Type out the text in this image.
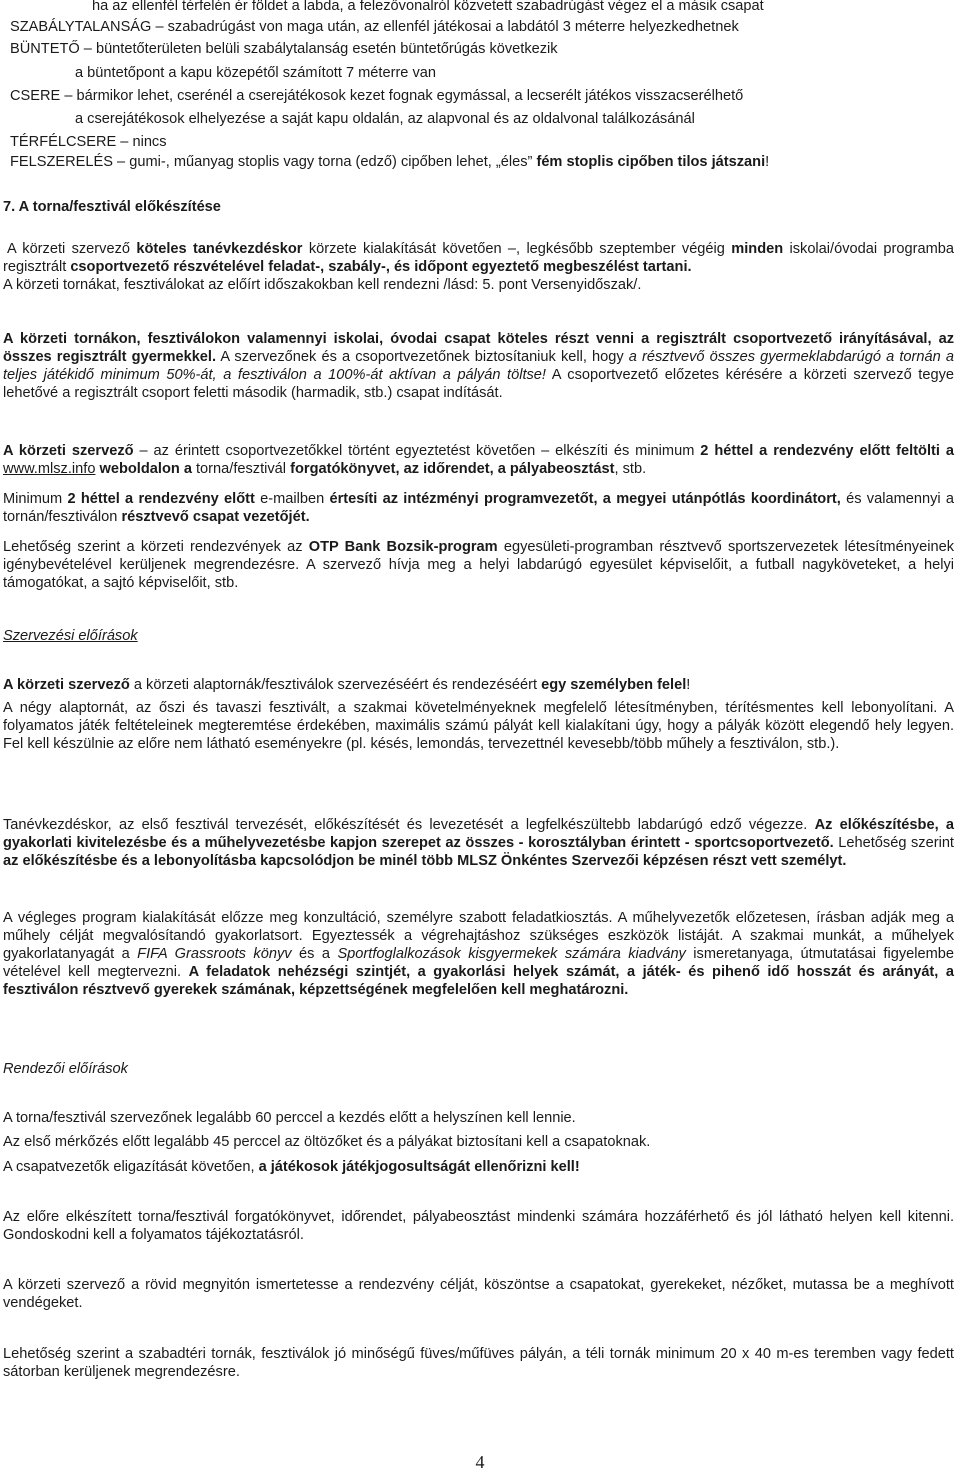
ha az ellenfél térfelén ér földet a labda, a felezővonalról közvetett szabadrúgást végez el a másik csapat
SZABÁLYTALANSÁG – szabadrúgást von maga után, az ellenfél játékosai a labdától 3 méterre helyezkedhetnek
BÜNTETŐ – büntetőterületen belüli szabálytalanság esetén büntetőrúgás következik
a büntetőpont a kapu közepétől számított 7 méterre van
CSERE – bármikor lehet, cserénél a cserejátékosok kezet fognak egymással, a lecserélt játékos visszacserélhető
a cserejátékosok elhelyezése a saját kapu oldalán, az alapvonal és az oldalvonal találkozásánál
TÉRFÉLCSERE – nincs
FELSZERELÉS – gumi-, műanyag stoplis vagy torna (edző) cipőben lehet, „éles” fém stoplis cipőben tilos játszani!
7. A torna/fesztivál előkészítése
A körzeti szervező köteles tanévkezdéskor körzete kialakítását követően –, legkésőbb szeptember végéig minden iskolai/óvodai programba regisztrált csoportvezető részvételével feladat-, szabály-, és időpont egyeztető megbeszélést tartani.
A körzeti tornákat, fesztiválokat az előírt időszakokban kell rendezni /lásd: 5. pont Versenyidőszak/.
A körzeti tornákon, fesztiválokon valamennyi iskolai, óvodai csapat köteles részt venni a regisztrált csoportvezető irányításával, az összes regisztrált gyermekkel. A szervezőnek és a csoportvezetőnek biztosítaniuk kell, hogy a résztvevő összes gyermeklabdarúgó a tornán a teljes játékidő minimum 50%-át, a fesztiválon a 100%-át aktívan a pályán töltse! A csoportvezető előzetes kérésére a körzeti szervező tegye lehetővé a regisztrált csoport feletti második (harmadik, stb.) csapat indítását.
A körzeti szervező – az érintett csoportvezetőkkel történt egyeztetést követően – elkészíti és minimum 2 héttel a rendezvény előtt feltölti a www.mlsz.info weboldalon a torna/fesztivál forgatókönyvet, az időrendet, a pályabeosztást, stb.
Minimum 2 héttel a rendezvény előtt e-mailben értesíti az intézményi programvezetőt, a megyei utánpótlás koordinátort, és valamennyi a tornán/fesztiválon résztvevő csapat vezetőjét.
Lehetőség szerint a körzeti rendezvények az OTP Bank Bozsik-program egyesületi-programban résztvevő sportszervezetek létesítményeinek igénybevételével kerüljenek megrendezésre. A szervező hívja meg a helyi labdarúgó egyesület képviselőit, a futball nagyköveteket, a helyi támogatókat, a sajtó képviselőit, stb.
Szervezési előírások
A körzeti szervező a körzeti alaptornák/fesztiválok szervezéséért és rendezéséért egy személyben felel!
A négy alaptornát, az őszi és tavaszi fesztivált, a szakmai követelményeknek megfelelő létesítményben, térítésmentes kell lebonyolítani. A folyamatos játék feltételeinek megteremtése érdekében, maximális számú pályát kell kialakítani úgy, hogy a pályák között elegendő hely legyen. Fel kell készülnie az előre nem látható eseményekre (pl. késés, lemondás, tervezettnél kevesebb/több műhely a fesztiválon, stb.).
Tanévkezdéskor, az első fesztivál tervezését, előkészítését és levezetését a legfelkészültebb labdarúgó edző végezze. Az előkészítésbe, a gyakorlati kivitelezésbe és a műhelyvezetésbe kapjon szerepet az összes - korosztályban érintett - sportcsoportvezető. Lehetőség szerint az előkészítésbe és a lebonyolításba kapcsolódjon be minél több MLSZ Önkéntes Szervezői képzésen részt vett személyt.
A végleges program kialakítását előzze meg konzultáció, személyre szabott feladatkiosztás. A műhelyvezetők előzetesen, írásban adják meg a műhely célját megvalósítandó gyakorlatsort. Egyeztessék a végrehajtáshoz szükséges eszközök listáját. A szakmai munkát, a műhelyek gyakorlatanyagát a FIFA Grassroots könyv és a Sportfoglalkozások kisgyermekek számára kiadvány ismeretanyaga, útmutatásai figyelembe vételével kell megtervezni. A feladatok nehézségi szintjét, a gyakorlási helyek számát, a játék- és pihenő idő hosszát és arányát, a fesztiválon résztvevő gyerekek számának, képzettségének megfelelően kell meghatározni.
Rendezői előírások
A torna/fesztivál szervezőnek legalább 60 perccel a kezdés előtt a helyszínen kell lennie.
Az első mérkőzés előtt legalább 45 perccel az öltözőket és a pályákat biztosítani kell a csapatoknak.
A csapatvezetők eligazítását követően, a játékosok játékjogosultságát ellenőrizni kell!
Az előre elkészített torna/fesztivál forgatókönyvet, időrendet, pályabeosztást mindenki számára hozzáférhető és jól látható helyen kell kitenni. Gondoskodni kell a folyamatos tájékoztatásról.
A körzeti szervező a rövid megnyitón ismertetesse a rendezvény célját, köszöntse a csapatokat, gyerekeket, nézőket, mutassa be a meghívott vendégeket.
Lehetőség szerint a szabadtéri tornák, fesztiválok jó minőségű füves/műfüves pályán, a téli tornák minimum 20 x 40 m-es teremben vagy fedett sátorban kerüljenek megrendezésre.
4
